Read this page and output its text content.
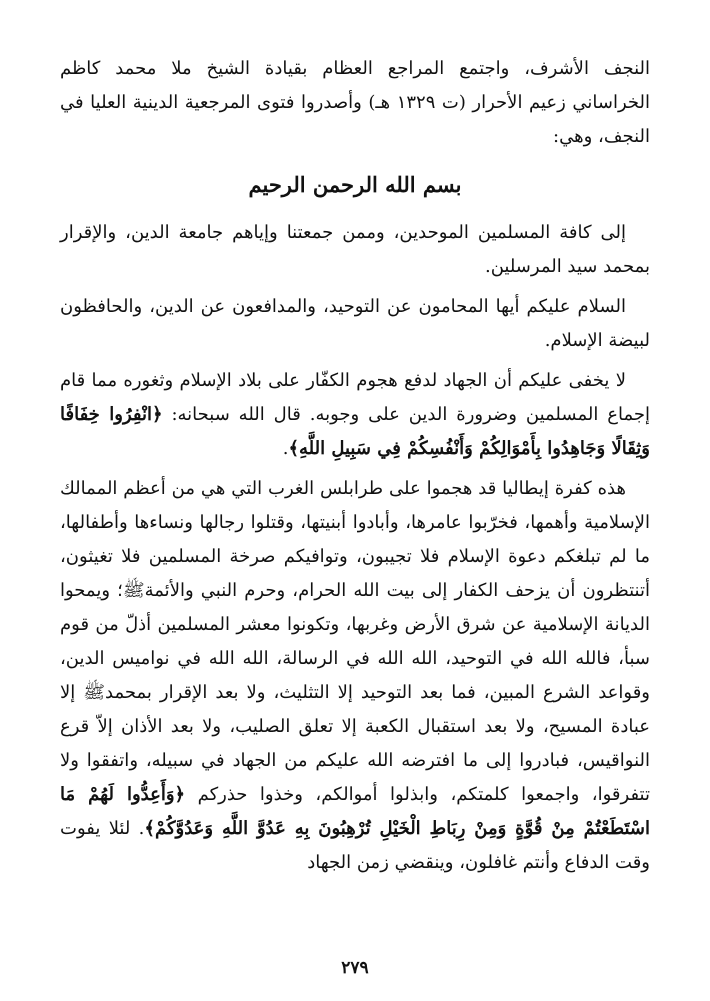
النجف الأشرف، واجتمع المراجع العظام بقيادة الشيخ ملا محمد كاظم الخراساني زعيم الأحرار (ت ١٣٢٩ هـ) وأصدروا فتوى المرجعية الدينية العليا في النجف، وهي:

بسم الله الرحمن الرحيم

إلى كافة المسلمين الموحدين، وممن جمعتنا وإياهم جامعة الدين، والإقرار بمحمد سيد المرسلين.

السلام عليكم أيها المحامون عن التوحيد، والمدافعون عن الدين، والحافظون لبيضة الإسلام.

لا يخفى عليكم أن الجهاد لدفع هجوم الكفّار على بلاد الإسلام وثغوره مما قام إجماع المسلمين وضرورة الدين على وجوبه. قال الله سبحانه: ﴿انْفِرُوا خِفَافًا وَثِقَالًا وَجَاهِدُوا بِأَمْوَالِكُمْ وَأَنْفُسِكُمْ فِي سَبِيلِ اللَّهِ﴾.

هذه كفرة إيطاليا قد هجموا على طرابلس الغرب التي هي من أعظم الممالك الإسلامية وأهمها، فخرّبوا عامرها، وأبادوا أبنيتها، وقتلوا رجالها ونساءها وأطفالها، ما لم تبلغكم دعوة الإسلام فلا تجيبون، وتوافيكم صرخة المسلمين فلا تغيثون، أتنتظرون أن يزحف الكفار إلى بيت الله الحرام، وحرم النبي والأئمةﷺ؛ ويمحوا الديانة الإسلامية عن شرق الأرض وغربها، وتكونوا معشر المسلمين أذلّ من قوم سبأ، فالله الله في التوحيد، الله الله في الرسالة، الله الله في نواميس الدين، وقواعد الشرع المبين، فما بعد التوحيد إلا التثليث، ولا بعد الإقرار بمحمدﷺ إلا عبادة المسيح، ولا بعد استقبال الكعبة إلا تعلق الصليب، ولا بعد الأذان إلاّ قرع النواقيس، فبادروا إلى ما افترضه الله عليكم من الجهاد في سبيله، واتفقوا ولا تتفرقوا، واجمعوا كلمتكم، وابذلوا أموالكم، وخذوا حذركم ﴿وَأَعِدُّوا لَهُمْ مَا اسْتَطَعْتُمْ مِنْ قُوَّةٍ وَمِنْ رِبَاطِ الْخَيْلِ تُرْهِبُونَ بِهِ عَدُوَّ اللَّهِ وَعَدُوَّكُمْ﴾. لئلا يفوت وقت الدفاع وأنتم غافلون، وينقضي زمن الجهاد

٢٧٩
